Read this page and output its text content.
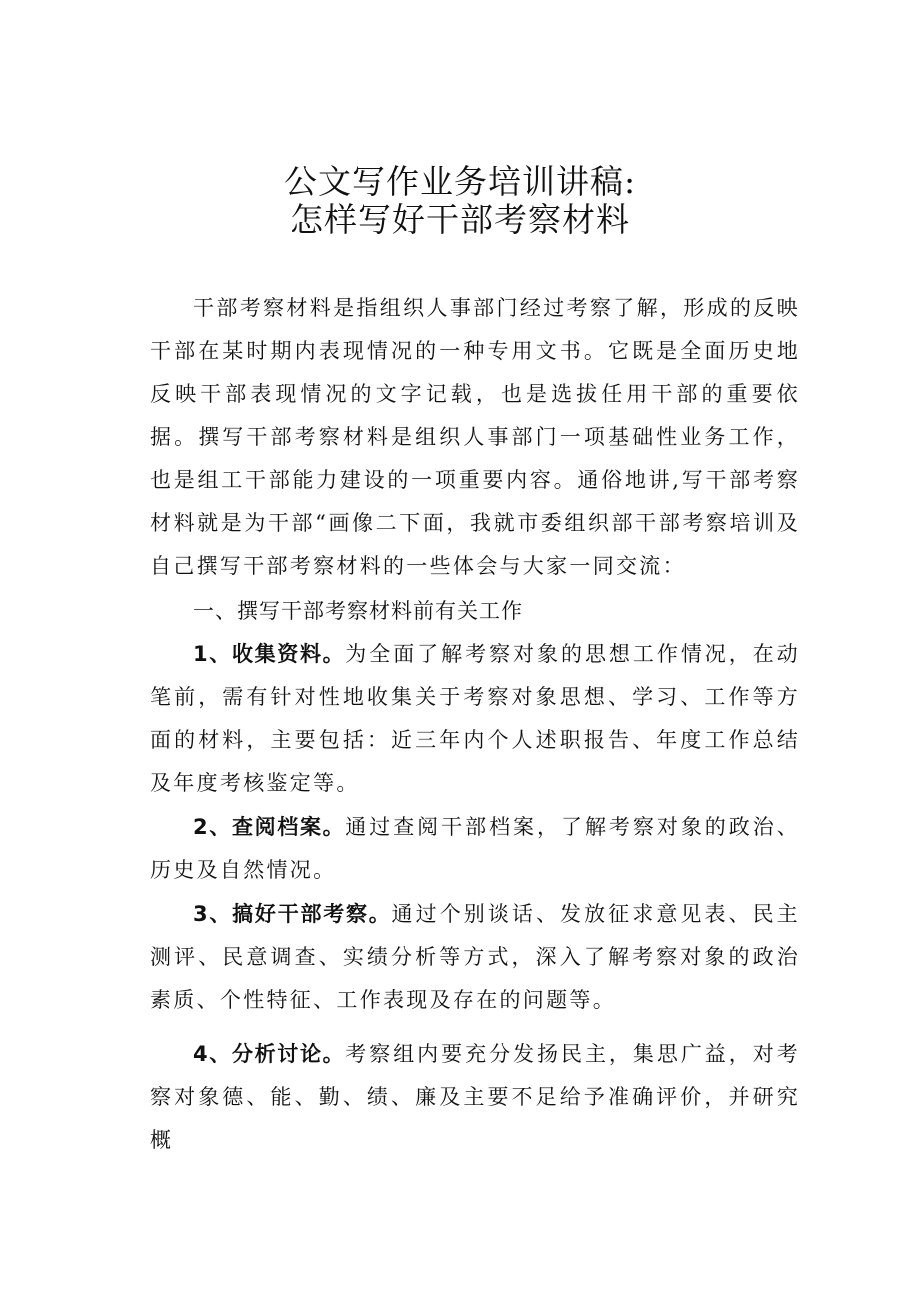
公文写作业务培训讲稿:
怎样写好干部考察材料

干部考察材料是指组织人事部门经过考察了解，形成的反映干部在某时期内表现情况的一种专用文书。它既是全面历史地反映干部表现情况的文字记载，也是选拔任用干部的重要依据。撰写干部考察材料是组织人事部门一项基础性业务工作，也是组工干部能力建设的一项重要内容。通俗地讲,写干部考察材料就是为干部“画像二下面，我就市委组织部干部考察培训及自己撰写干部考察材料的一些体会与大家一同交流：

一、撰写干部考察材料前有关工作

1、收集资料。为全面了解考察对象的思想工作情况，在动笔前，需有针对性地收集关于考察对象思想、学习、工作等方面的材料，主要包括：近三年内个人述职报告、年度工作总结及年度考核鉴定等。

2、查阅档案。通过查阅干部档案，了解考察对象的政治、历史及自然情况。

3、搞好干部考察。通过个别谈话、发放征求意见表、民主测评、民意调查、实绩分析等方式，深入了解考察对象的政治素质、个性特征、工作表现及存在的问题等。

4、分析讨论。考察组内要充分发扬民主，集思广益，对考察对象德、能、勤、绩、廉及主要不足给予准确评价，并研究概
